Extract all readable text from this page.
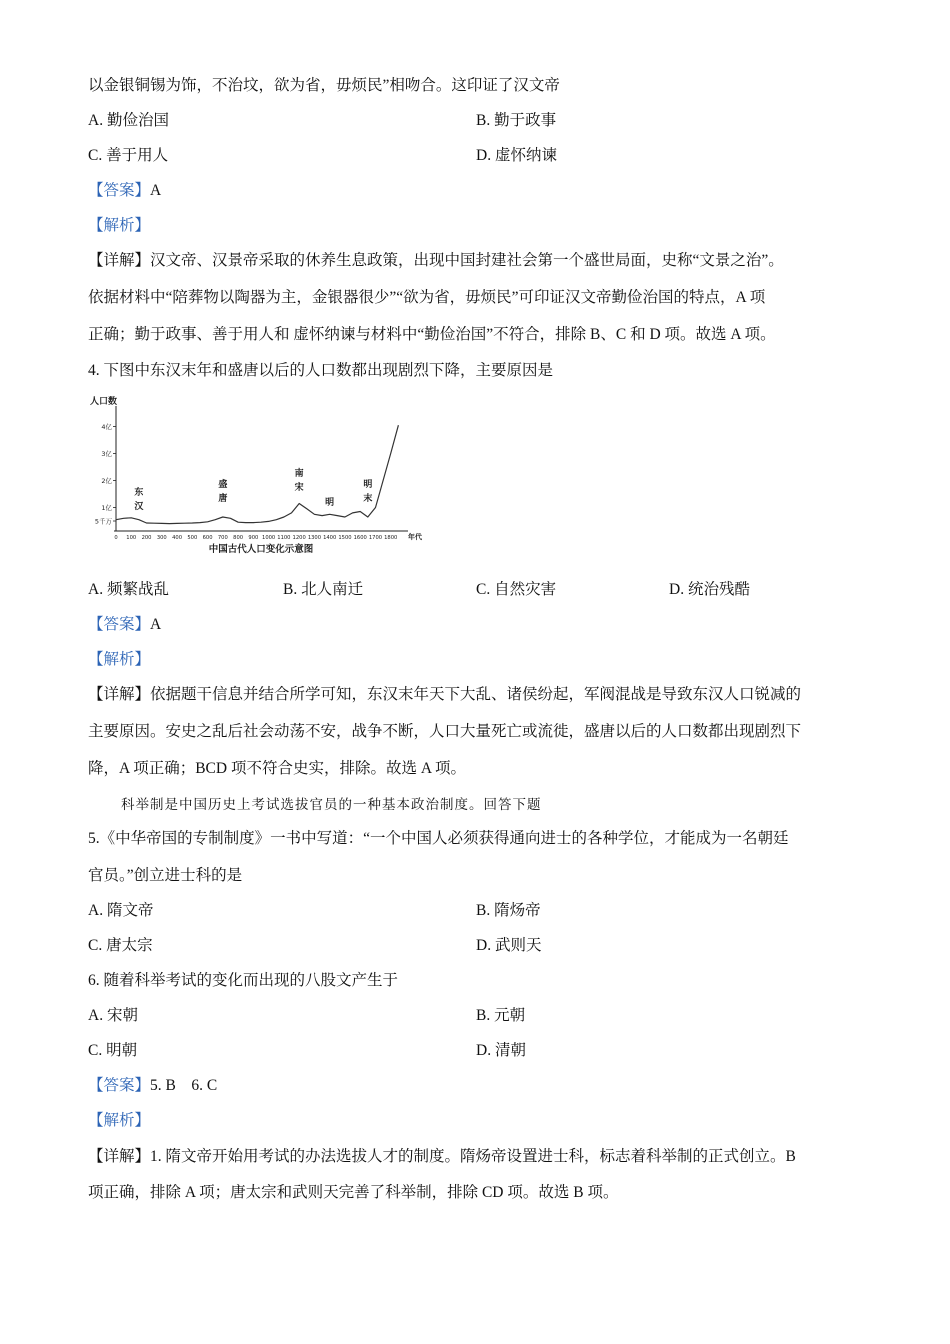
以金银铜锡为饰，不治坟，欲为省，毋烦民”相吻合。这印证了汉文帝
A. 勤俭治国	B. 勤于政事
C. 善于用人	D. 虚怀纳谏
【答案】A
【解析】
【详解】汉文帝、汉景帝采取的休养生息政策，出现中国封建社会第一个盛世局面，史称“文景之治”。
依据材料中“陪葬物以陶器为主，金银器很少”“欲为省，毋烦民”可印证汉文帝勤俭治国的特点，A 项
正确；勤于政事、善于用人和 虚怀纳谏与材料中“勤俭治国”不符合，排除 B、C 和 D 项。故选 A 项。
4. 下图中东汉末年和盛唐以后的人口数都出现剧烈下降，主要原因是
人口数
5千万
1亿
2亿
3亿
4亿
0 100 200 300 400 500 600 700 800 900 1000 1100 1200 1300 1400 1500 1600 1700 1800 年代
东汉
盛唐
南宋
明
明末
中国古代人口变化示意图
A. 频繁战乱	B. 北人南迁	C. 自然灾害	D. 统治残酷
【答案】A
【解析】
【详解】依据题干信息并结合所学可知，东汉末年天下大乱、诸侯纷起，军阀混战是导致东汉人口锐减的
主要原因。安史之乱后社会动荡不安，战争不断，人口大量死亡或流徙，盛唐以后的人口数都出现剧烈下
降，A 项正确；BCD 项不符合史实，排除。故选 A 项。
科举制是中国历史上考试选拔官员的一种基本政治制度。回答下题
5.《中华帝国的专制制度》一书中写道：“一个中国人必须获得通向进士的各种学位，才能成为一名朝廷
官员。”创立进士科的是
A. 隋文帝	B. 隋炀帝
C. 唐太宗	D. 武则天
6. 随着科举考试的变化而出现的八股文产生于
A. 宋朝	B. 元朝
C. 明朝	D. 清朝
【答案】5. B    6. C
【解析】
【详解】1. 隋文帝开始用考试的办法选拔人才的制度。隋炀帝设置进士科，标志着科举制的正式创立。B
项正确，排除 A 项；唐太宗和武则天完善了科举制，排除 CD 项。故选 B 项。
